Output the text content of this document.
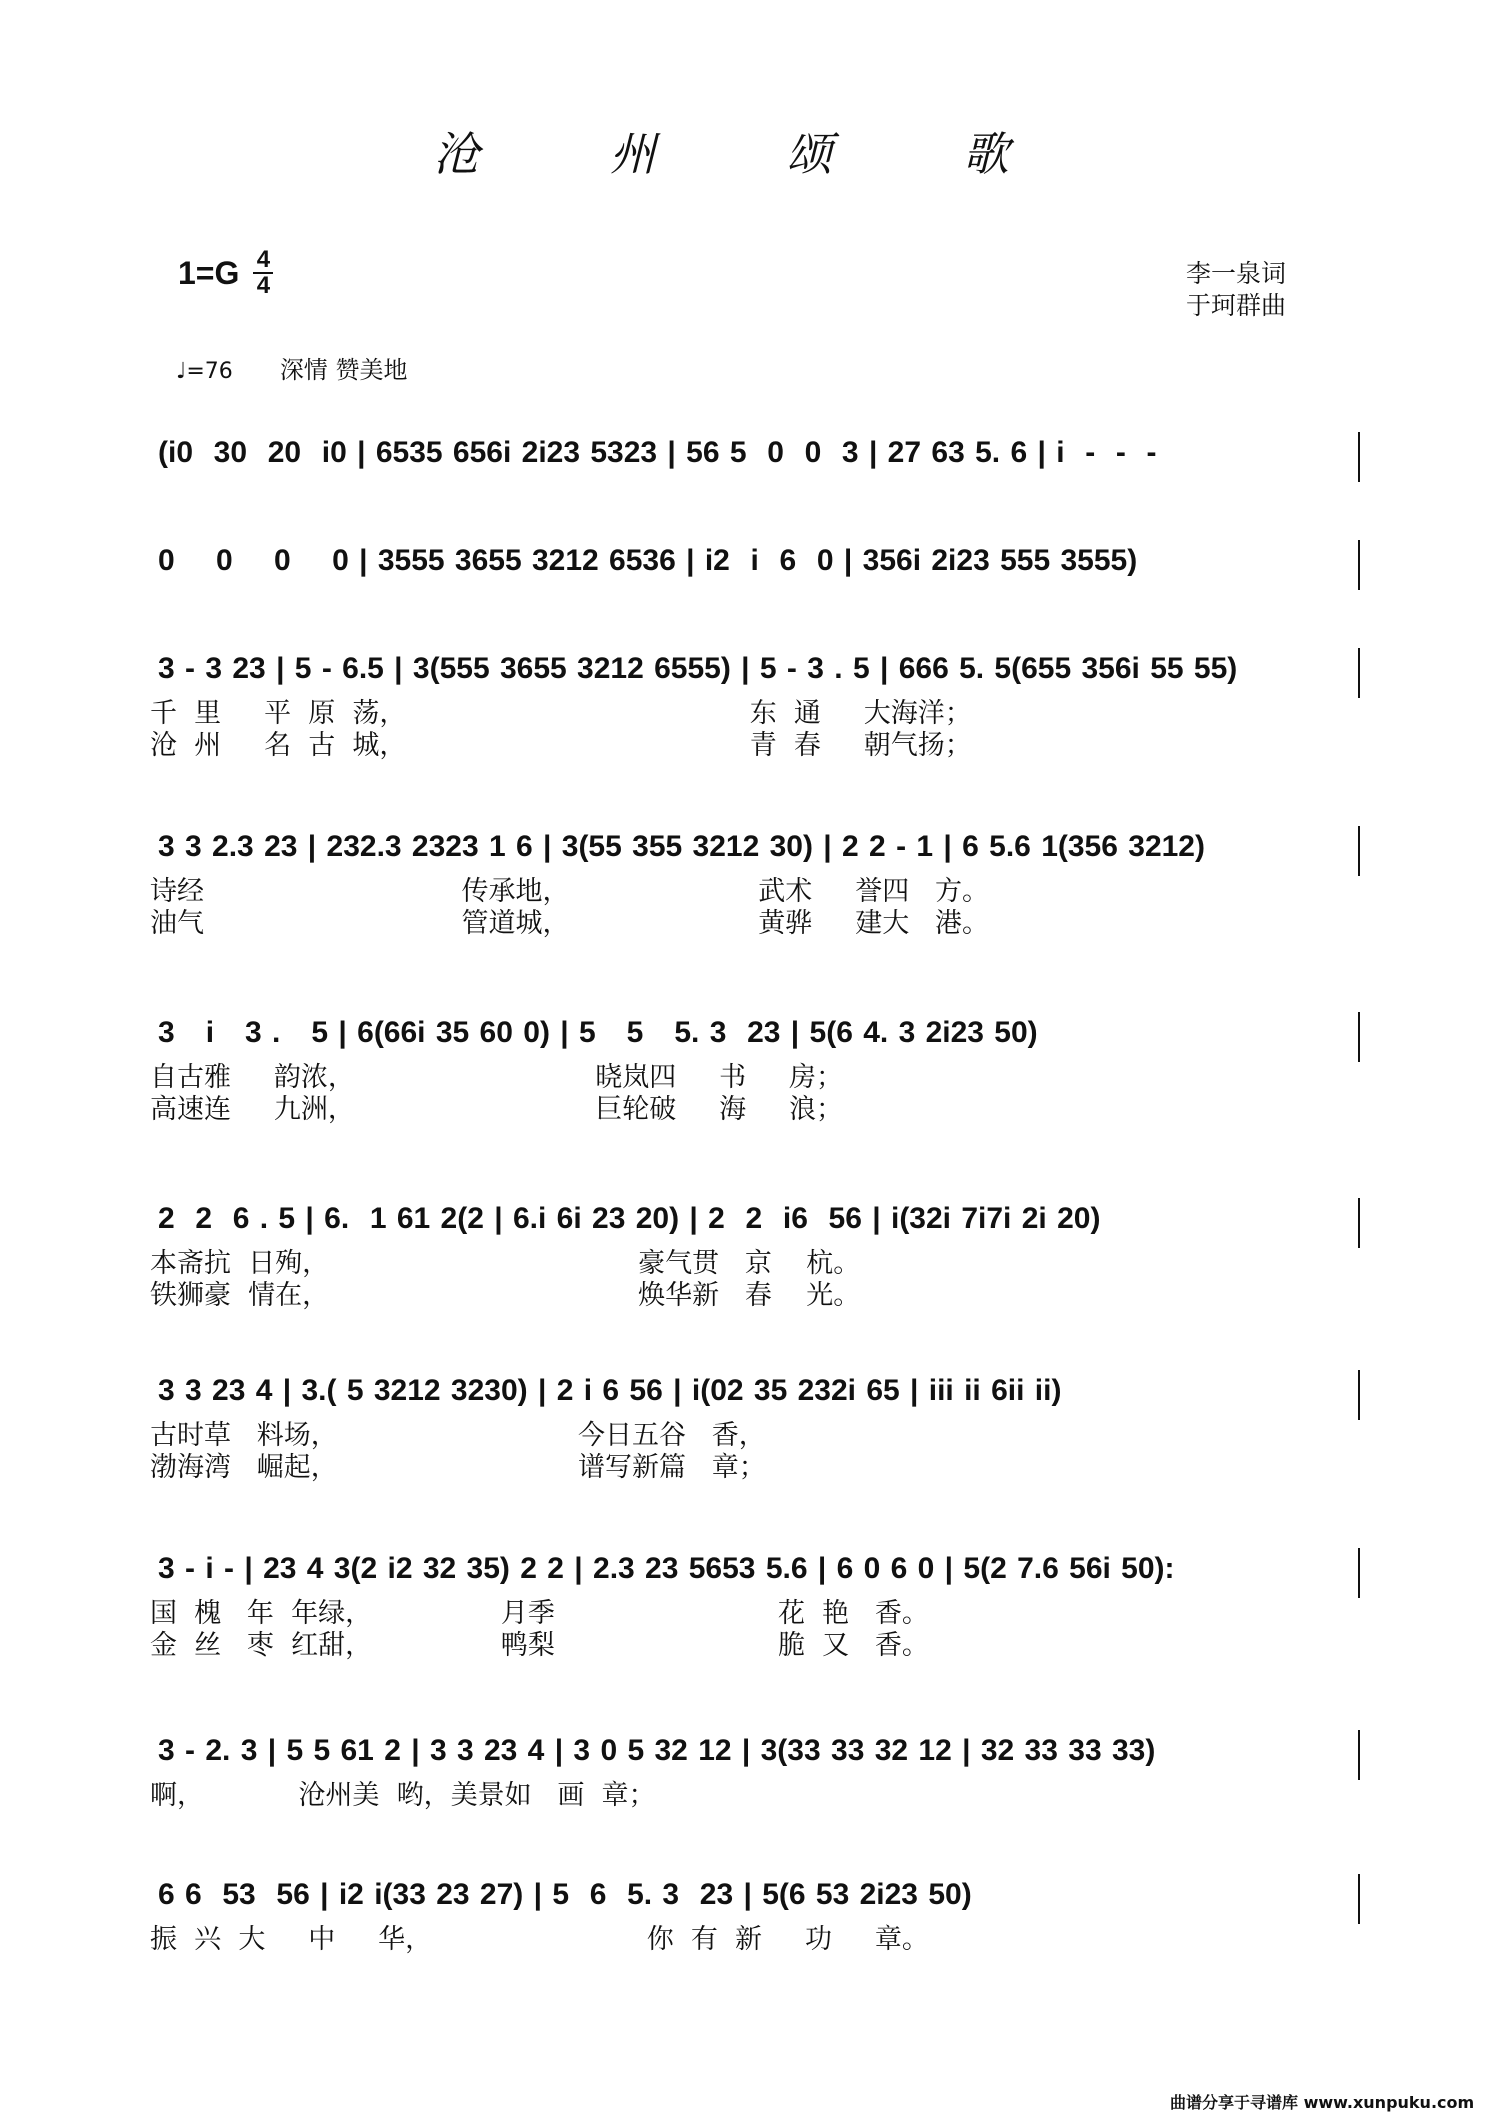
沧 州 颂 歌
1=G 4
4	李一泉词
于珂群曲
♩=76 深情 赞美地

(i0  30  20  i0 | 6535 656i 2i23 5323 | 56 5  0  0  3 | 27 63 5. 6 | i  -  -  -

0    0    0    0 | 3555 3655 3212 6536 | i2  i  6  0 | 356i 2i23 555 3555)

3 - 3 23 | 5 - 6.5 | 3(555 3655 3212 6555) | 5 - 3 . 5 | 666 5. 5(655 356i 55 55)

千  里     平  原  荡，                                        东  通     大海洋；
沧  州     名  古  城，                                        青  春     朝气扬；

3 3 2.3 23 | 232.3 2323 1 6 | 3(55 355 3212 30) | 2 2 - 1 | 6 5.6 1(356 3212)

诗经                              传承地，                      武术     誉四   方。
油气                              管道城，                      黄骅     建大   港。

3   i   3 .   5 | 6(66i 35 60 0) | 5   5   5. 3  23 | 5(6 4. 3 2i23 50)

自古雅     韵浓，                            晓岚四     书     房；
高速连     九洲，                            巨轮破     海     浪；

2  2  6 . 5 | 6.  1 61 2(2 | 6.i 6i 23 20) | 2  2  i6  56 | i(32i 7i7i 2i 20)

本斋抗  日殉，                                    豪气贯   京    杭。
铁狮豪  情在，                                    焕华新   春    光。

3 3 23 4 | 3.( 5 3212 3230) | 2 i 6 56 | i(02 35 232i 65 | iii ii 6ii ii)

古时草   料场，                            今日五谷   香，
渤海湾   崛起，                            谱写新篇   章；

3 - i - | 23 4 3(2 i2 32 35) 2 2 | 2.3 23 5653 5.6 | 6 0 6 0 | 5(2 7.6 56i 50):

国  槐   年  年绿，               月季                          花  艳   香。
金  丝   枣  红甜，               鸭梨                          脆  又   香。

3 - 2. 3 | 5 5 61 2 | 3 3 23 4 | 3 0 5 32 12 | 3(33 33 32 12 | 32 33 33 33)

啊，           沧州美  哟，美景如   画  章；

6 6  53  56 | i2 i(33 23 27) | 5  6  5. 3  23 | 5(6 53 2i23 50)

振  兴  大     中     华，                         你  有  新     功     章。
曲谱分享于寻谱库 www.xunpuku.com
